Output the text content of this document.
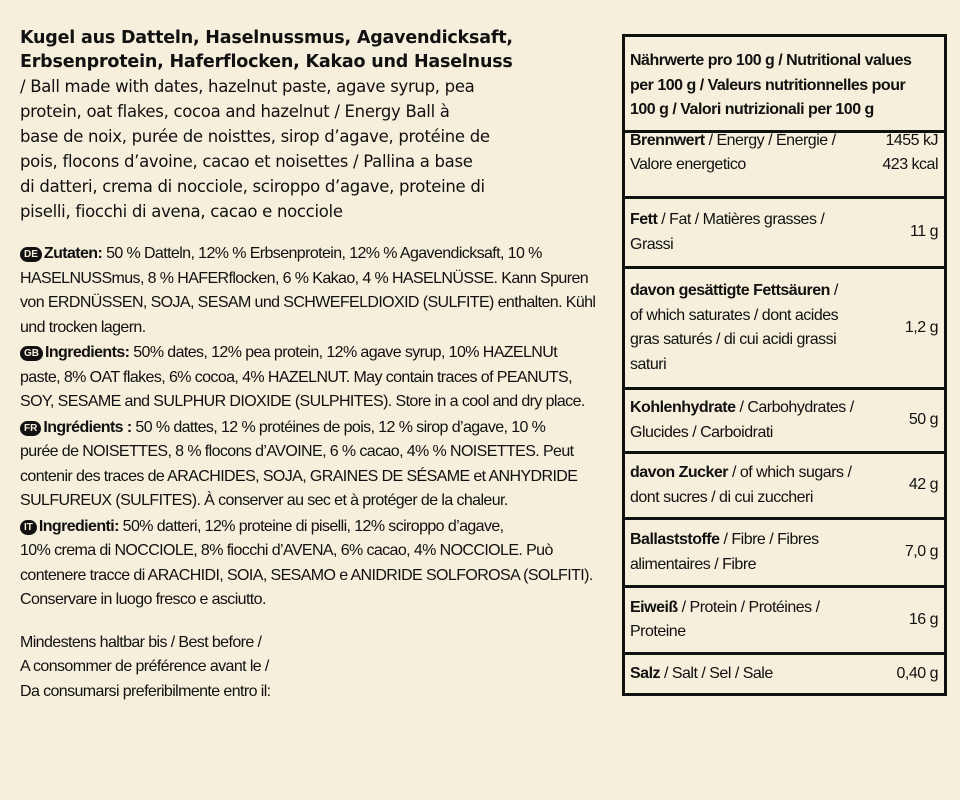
Kugel aus Datteln, Haselnussmus, Agavendicksaft,
Erbsenprotein, Haferflocken, Kakao und Haselnuss
/ Ball made with dates, hazelnut paste, agave syrup, pea
protein, oat flakes, cocoa and hazelnut / Energy Ball à
base de noix, purée de noisttes, sirop d’agave, protéine de
pois, flocons d’avoine, cacao et noisettes / Pallina a base
di datteri, crema di nocciole, sciroppo d’agave, proteine di
piselli, fiocchi di avena, cacao e nocciole
DE Zutaten: 50 % Datteln, 12% % Erbsenprotein, 12% % Agavendicksaft, 10 %
HASELNUSSmus, 8 % HAFERflocken, 6 % Kakao, 4 % HASELNÜSSE. Kann Spuren
von ERDNÜSSEN, SOJA, SESAM und SCHWEFELDIOXID (SULFITE) enthalten. Kühl
und trocken lagern.
GB Ingredients: 50% dates, 12% pea protein, 12% agave syrup, 10% HAZELNUt
paste, 8% OAT flakes, 6% cocoa, 4% HAZELNUT. May contain traces of PEANUTS,
SOY, SESAME and SULPHUR DIOXIDE (SULPHITES). Store in a cool and dry place.
FR Ingrédients : 50 % dattes, 12 % protéines de pois, 12 % sirop d’agave, 10 %
purée de NOISETTES, 8 % flocons d’AVOINE, 6 % cacao, 4% % NOISETTES. Peut
contenir des traces de ARACHIDES, SOJA, GRAINES DE SÉSAME et ANHYDRIDE
SULFUREUX (SULFITES). À conserver au sec et à protéger de la chaleur.
IT Ingredienti: 50% datteri, 12% proteine di piselli, 12% sciroppo d’agave,
10% crema di NOCCIOLE, 8% fiocchi d’AVENA, 6% cacao, 4% NOCCIOLE. Può
contenere tracce di ARACHIDI, SOIA, SESAMO e ANIDRIDE SOLFOROSA (SOLFITI).
Conservare in luogo fresco e asciutto.
Mindestens haltbar bis / Best before /
A consommer de préférence avant le /
Da consumarsi preferibilmente entro il:
Nährwerte pro 100 g / Nutritional values
per 100 g / Valeurs nutritionnelles pour
100 g / Valori nutrizionali per 100 g
Brennwert / Energy / Énergie /
Valore energetico
1455 kJ
423 kcal
Fett / Fat / Matières grasses /
Grassi
11 g
davon gesättigte Fettsäuren /
of which saturates / dont acides
gras saturés / di cui acidi grassi
saturi
1,2 g
Kohlenhydrate / Carbohydrates /
Glucides / Carboidrati
50 g
davon Zucker / of which sugars /
dont sucres / di cui zuccheri
42 g
Ballaststoffe / Fibre / Fibres
alimentaires / Fibre
7,0 g
Eiweiß / Protein / Protéines /
Proteine
16 g
Salz / Salt / Sel / Sale	0,40 g
